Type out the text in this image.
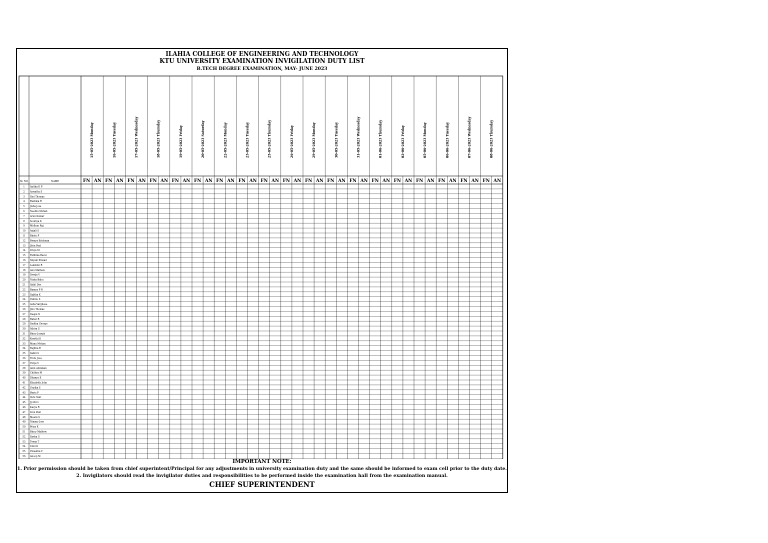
ILAHIA COLLEGE OF ENGINEERING AND TECHNOLOGY
KTU UNIVERSITY EXAMINATION INVIGILATION DUTY LIST
B.TECH DEGREE EXAMINATION, MAY- JUNE 2023
Sl. NO	NAME
15-05-2023 Monday	16-05-2023 Tuesday	17-05-2023 Wednesday	18-05-2023 Thursday	19-05-2023 Friday	20-05-2023 Saturday	22-05-2023 Monday	23-05-2023 Tuesday	25-05-2023 Thursday	26-05-2023 Friday	29-05-2023 Monday	30-05-2023 Tuesday	31-05-2023 Wednesday	01-06-2023 Thursday	02-06-2023 Friday	05-06-2023 Monday	06-06-2023 Tuesday	07-06-2023 Wednesday	08-06-2023 Thursday
FN AN FN AN FN AN FN AN FN AN FN AN FN AN FN AN FN AN FN AN FN AN FN AN FN AN FN AN FN AN FN AN FN AN FN AN FN AN
1	Anitha K P
2	Aswathy S
3 Sini Thomas
4 Reshma R
5	Jisha Jose
6 Neethu Mohan
7	Arun Kumar
8 Soumya K
9 Midhun Raj
10	Anjali S
11 Bindu P
12 Remya Krishnan
13	Jibin Paul
14 Divya M
15 Fathima Beevi
16 Shyam Prasad
17 Lekshmi R
18	Anu Mathew
19 Sreeja V
20 Nisha Babu
21	Akhil Dev
22 Ramya P R
23 Sajitha K
24	Vishnu S
25	Asha Varghese
26	Jinu Thomas
27 Deepa N
28 Rahul R
29 Smitha George
30	Athira S
31 Binoy Joseph
32 Keerthi K
33 Manu Mohan
34 Rejitha R
35 Salini S
36 Tintu Jose
37	Vidya V
38	Abin Abraham
39 Chithra M
40 Dhanya K
41 Elizabeth John
42 Gopika S
43 Haris P
44 Indu Nair
45	Jyothi L
46 Kavya R
47 Linu Paul
48 Meera S
49 Nimmy Jose
50 Priya K
51 Rincy Mathew
52 Sneha S
53 Teena T
54 Unni K
55	Vineetha V
56	Anoop M
IMPORTANT NOTE:
1. Prior permission should be taken from chief superintent/Principal for any adjustments in university examination duty and the same should be informed to exam cell prior to the duty date.
2. Invigilators should read the invigilator duties and responsibilities to be performed inside the examination hall from the examination manual.
CHIEF SUPERINTENDENT
